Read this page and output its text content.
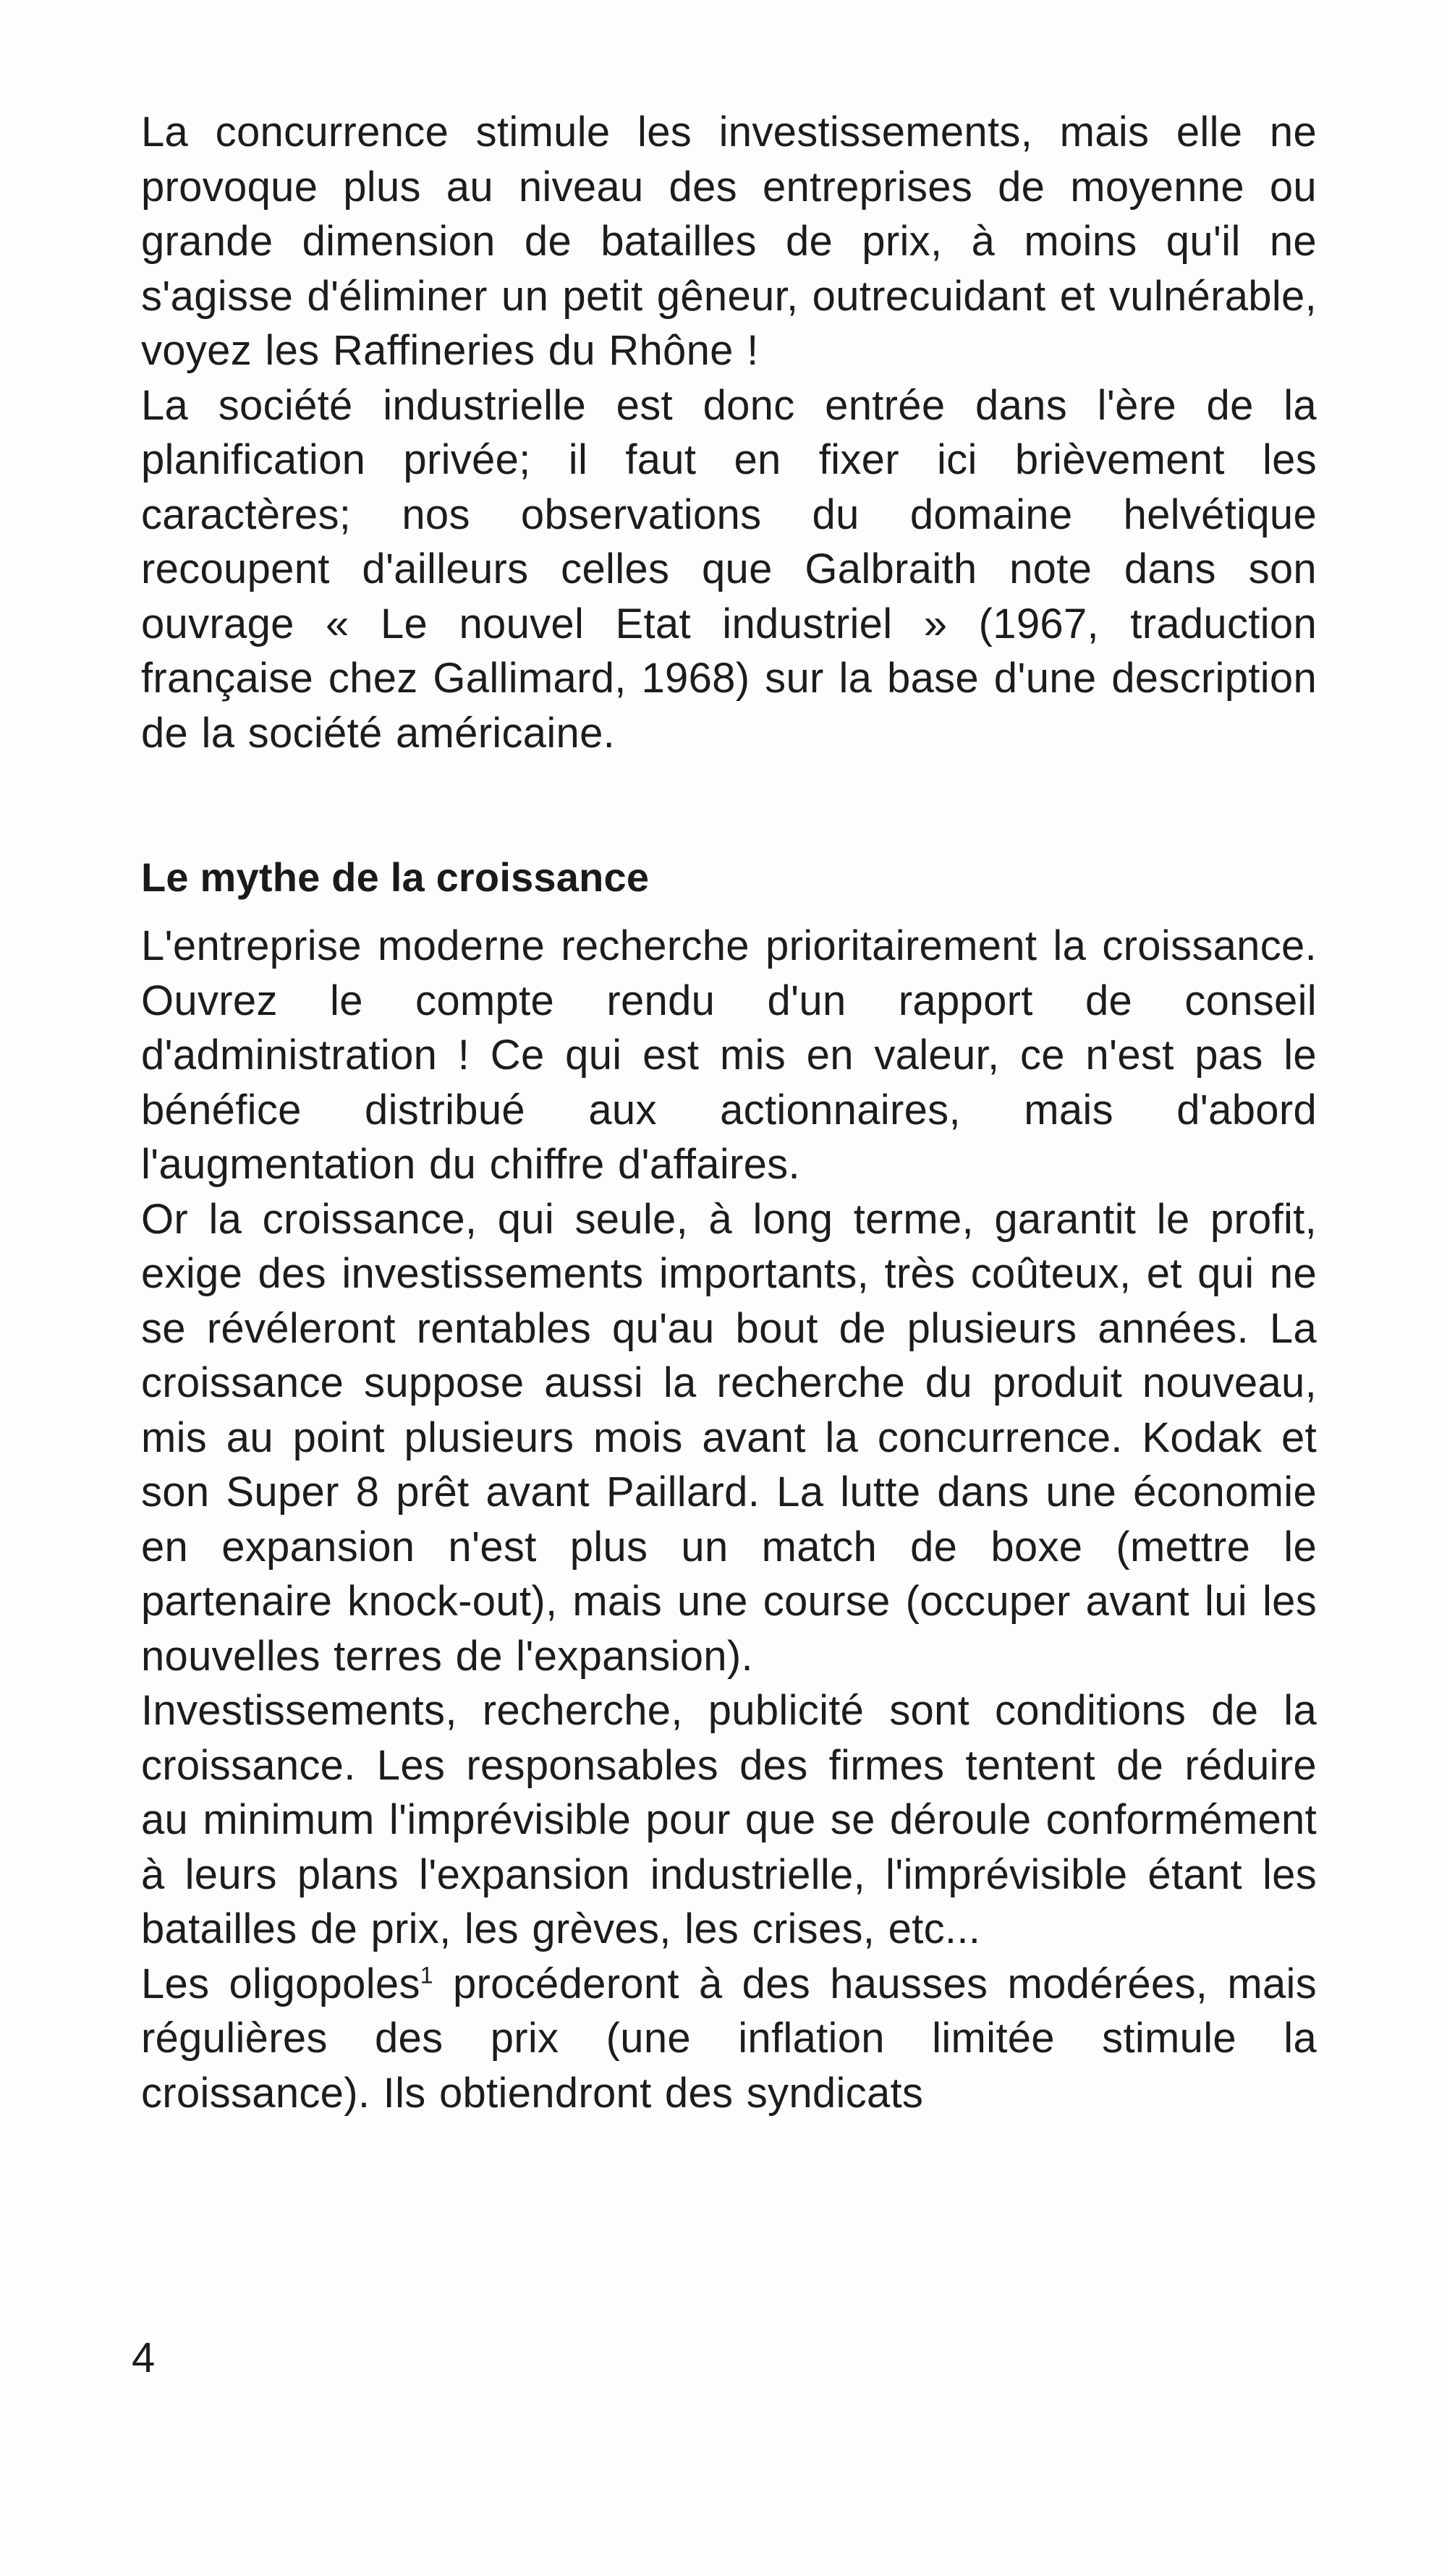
La concurrence stimule les investissements, mais elle ne provoque plus au niveau des entreprises de moyenne ou grande dimension de batailles de prix, à moins qu'il ne s'agisse d'éliminer un petit gêneur, outrecuidant et vulnérable, voyez les Raffineries du Rhône !

La société industrielle est donc entrée dans l'ère de la planification privée; il faut en fixer ici brièvement les caractères; nos observations du domaine helvétique recoupent d'ailleurs celles que Galbraith note dans son ouvrage « Le nouvel Etat industriel » (1967, traduction française chez Gallimard, 1968) sur la base d'une description de la société américaine.

Le mythe de la croissance

L'entreprise moderne recherche prioritairement la croissance. Ouvrez le compte rendu d'un rapport de conseil d'administration ! Ce qui est mis en valeur, ce n'est pas le bénéfice distribué aux actionnaires, mais d'abord l'augmentation du chiffre d'affaires.

Or la croissance, qui seule, à long terme, garantit le profit, exige des investissements importants, très coûteux, et qui ne se révéleront rentables qu'au bout de plusieurs années. La croissance suppose aussi la recherche du produit nouveau, mis au point plusieurs mois avant la concurrence. Kodak et son Super 8 prêt avant Paillard. La lutte dans une économie en expansion n'est plus un match de boxe (mettre le partenaire knock-out), mais une course (occuper avant lui les nouvelles terres de l'expansion).

Investissements, recherche, publicité sont conditions de la croissance. Les responsables des firmes tentent de réduire au minimum l'imprévisible pour que se déroule conformément à leurs plans l'expansion industrielle, l'imprévisible étant les batailles de prix, les grèves, les crises, etc...

Les oligopoles$^1$ procéderont à des hausses modérées, mais régulières des prix (une inflation limitée stimule la croissance). Ils obtiendront des syndicats

4
